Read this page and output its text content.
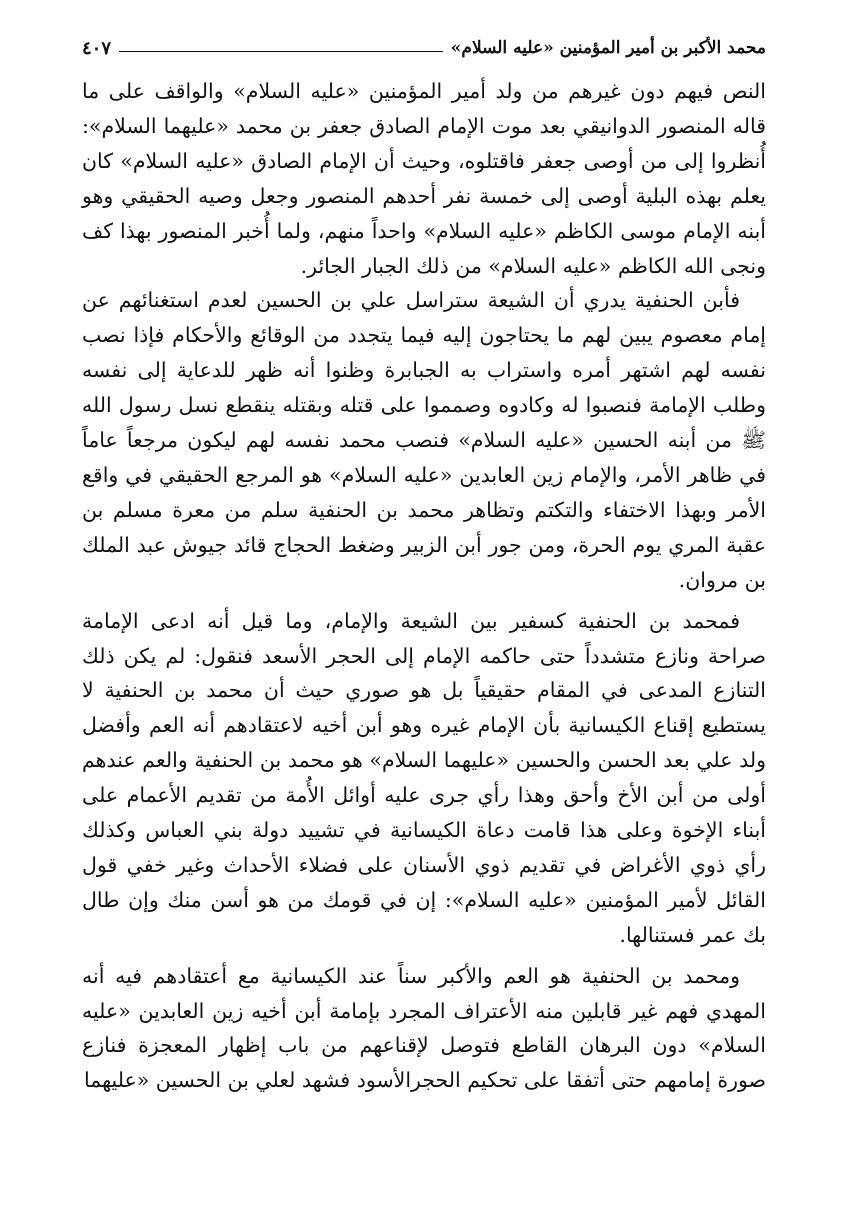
محمد الأكبر بن أمير المؤمنين «عليه السلام»
٤٠٧

النص فيهم دون غيرهم من ولد أمير المؤمنين «عليه السلام» والواقف على ما قاله المنصور الدوانيقي بعد موت الإمام الصادق جعفر بن محمد «عليهما السلام»: أُنظروا إلى من أوصى جعفر فاقتلوه، وحيث أن الإمام الصادق «عليه السلام» كان يعلم بهذه البلية أوصى إلى خمسة نفر أحدهم المنصور وجعل وصيه الحقيقي وهو أبنه الإمام موسى الكاظم «عليه السلام» واحداً منهم، ولما أُخبر المنصور بهذا كف ونجى الله الكاظم «عليه السلام» من ذلك الجبار الجائر.

فأبن الحنفية يدري أن الشيعة ستراسل علي بن الحسين لعدم استغنائهم عن إمام معصوم يبين لهم ما يحتاجون إليه فيما يتجدد من الوقائع والأحكام فإذا نصب نفسه لهم اشتهر أمره واستراب به الجبابرة وظنوا أنه ظهر للدعاية إلى نفسه وطلب الإمامة فنصبوا له وكادوه وصمموا على قتله وبقتله ينقطع نسل رسول الله ﷺ من أبنه الحسين «عليه السلام» فنصب محمد نفسه لهم ليكون مرجعاً عاماً في ظاهر الأمر، والإمام زين العابدين «عليه السلام» هو المرجع الحقيقي في واقع الأمر وبهذا الاختفاء والتكتم وتظاهر محمد بن الحنفية سلم من معرة مسلم بن عقبة المري يوم الحرة، ومن جور أبن الزبير وضغط الحجاج قائد جيوش عبد الملك بن مروان.

فمحمد بن الحنفية كسفير بين الشيعة والإمام، وما قيل أنه ادعى الإمامة صراحة ونازع متشدداً حتى حاكمه الإمام إلى الحجر الأسعد فنقول: لم يكن ذلك التنازع المدعى في المقام حقيقياً بل هو صوري حيث أن محمد بن الحنفية لا يستطيع إقناع الكيسانية بأن الإمام غيره وهو أبن أخيه لاعتقادهم أنه العم وأفضل ولد علي بعد الحسن والحسين «عليهما السلام» هو محمد بن الحنفية والعم عندهم أولى من أبن الأخ وأحق وهذا رأي جرى عليه أوائل الأُمة من تقديم الأعمام على أبناء الإخوة وعلى هذا قامت دعاة الكيسانية في تشييد دولة بني العباس وكذلك رأي ذوي الأغراض في تقديم ذوي الأسنان على فضلاء الأحداث وغير خفي قول القائل لأمير المؤمنين «عليه السلام»: إن في قومك من هو أسن منك وإن طال بك عمر فستنالها.

ومحمد بن الحنفية هو العم والأكبر سناً عند الكيسانية مع أعتقادهم فيه أنه المهدي فهم غير قابلين منه الأعتراف المجرد بإمامة أبن أخيه زين العابدين «عليه السلام» دون البرهان القاطع فتوصل لإقناعهم من باب إظهار المعجزة فنازع صورة إمامهم حتى أتفقا على تحكيم الحجرالأسود فشهد لعلي بن الحسين «عليهما
